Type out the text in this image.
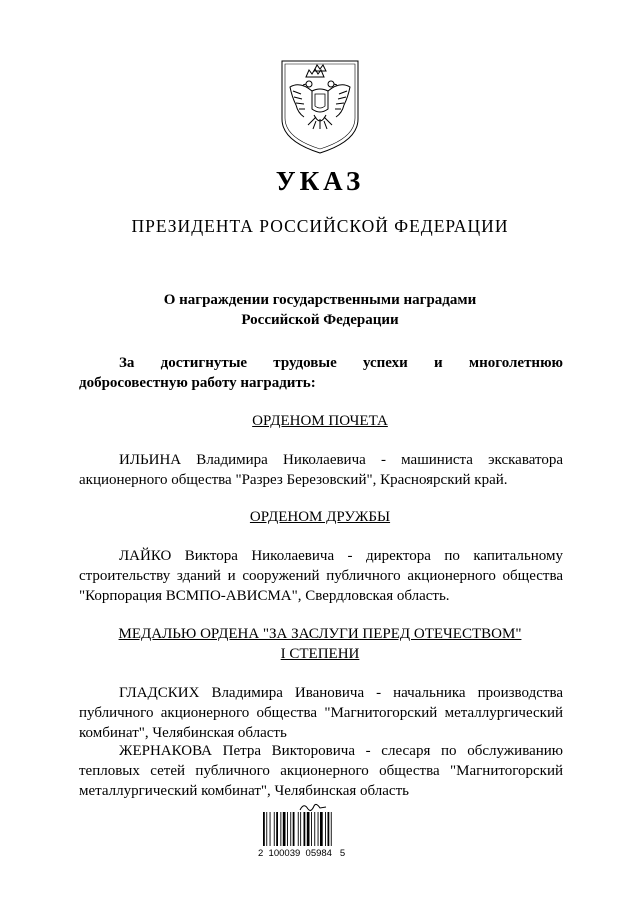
УКАЗ
ПРЕЗИДЕНТА РОССИЙСКОЙ ФЕДЕРАЦИИ
О награждении государственными наградами
Российской Федерации
За достигнутые трудовые успехи и многолетнюю добросовестную работу наградить:
ОРДЕНОМ ПОЧЕТА
ИЛЬИНА Владимира Николаевича - машиниста экскаватора акционерного общества "Разрез Березовский", Красноярский край.
ОРДЕНОМ ДРУЖБЫ
ЛАЙКО Виктора Николаевича - директора по капитальному строительству зданий и сооружений публичного акционерного общества "Корпорация ВСМПО-АВИСМА", Свердловская область.
МЕДАЛЬЮ ОРДЕНА "ЗА ЗАСЛУГИ ПЕРЕД ОТЕЧЕСТВОМ"
I СТЕПЕНИ
ГЛАДСКИХ Владимира Ивановича - начальника производства публичного акционерного общества "Магнитогорский металлургический комбинат", Челябинская область
ЖЕРНАКОВА Петра Викторовича - слесаря по обслуживанию тепловых сетей публичного акционерного общества "Магнитогорский металлургический комбинат", Челябинская область
2  100039  05984   5
